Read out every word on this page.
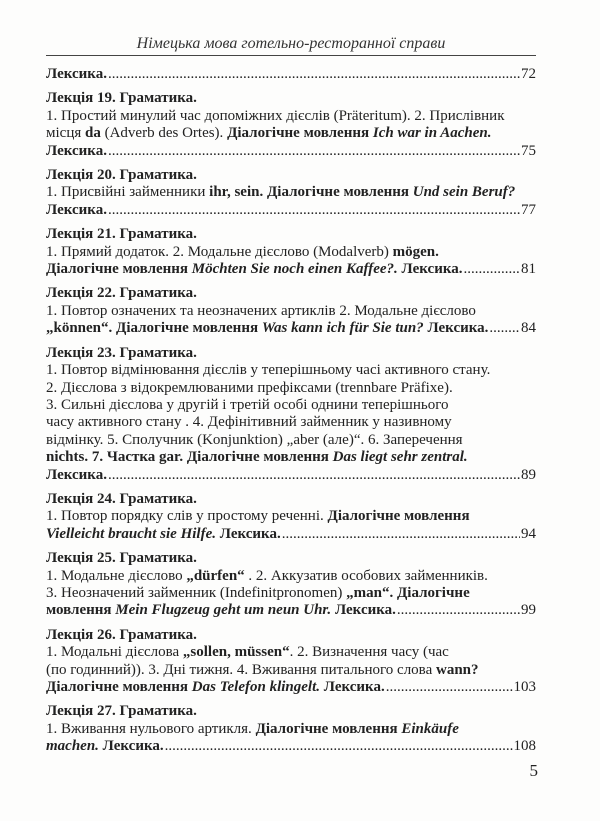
Німецька мова готельно-ресторанної справи
Лексика. .....	72

Лекція 19. Граматика.

1. Простий минулий час допоміжних дієслів (Präteritum). 2. Прислівник

місця da (Adverb des Ortes). Діалогічне мовлення Ich war in Aachen.

Лексика. .....	75

Лекція 20. Граматика.

1. Присвійні займенники ihr, sein. Діалогічне мовлення Und sein Beruf?

Лексика. .....	77

Лекція 21. Граматика.

1. Прямий додаток. 2. Модальне дієслово (Modalverb) mögen.

Діалогічне мовлення Möchten Sie noch einen Kaffee?. Лексика. .....	81

Лекція 22. Граматика.

1. Повтор означених та неозначених артиклів 2. Модальне дієслово

„können“. Діалогічне мовлення Was kann ich für Sie tun? Лексика. ..... 84

Лекція 23. Граматика.

1. Повтор відмінювання дієслів у теперішньому часі активного стану.

2. Дієслова з відокремлюваними префіксами (trennbare Präfixe).

3. Сильні дієслова у другій і третій особі однини теперішнього

часу активного стану . 4. Дефінітивний займенник у називному

відмінку. 5. Сполучник (Konjunktion) „aber (але)“. 6. Заперечення

nichts. 7. Частка gar. Діалогічне мовлення Das liegt sehr zentral.

Лексика. .....	89

Лекція 24. Граматика.

1. Повтор порядку слів у простому реченні. Діалогічне мовлення

Vielleicht braucht sie Hilfe. Лексика. .....	94

Лекція 25. Граматика.

1. Модальне дієслово „dürfen“ . 2. Аккузатив особових займенників.

3. Неозначений займенник (Indefinitpronomen) „man“. Діалогічне

мовлення Mein Flugzeug geht um neun Uhr. Лексика. .....	99

Лекція 26. Граматика.

1. Модальні дієслова „sollen, müssen“. 2. Визначення часу (час

(по годинний)). 3. Дні тижня. 4. Вживання питального слова wann?

Діалогічне мовлення Das Telefon klingelt. Лексика. .....	103

Лекція 27. Граматика.

1. Вживання нульового артикля. Діалогічне мовлення Einkäufe

machen. Лексика. .....	108
5
